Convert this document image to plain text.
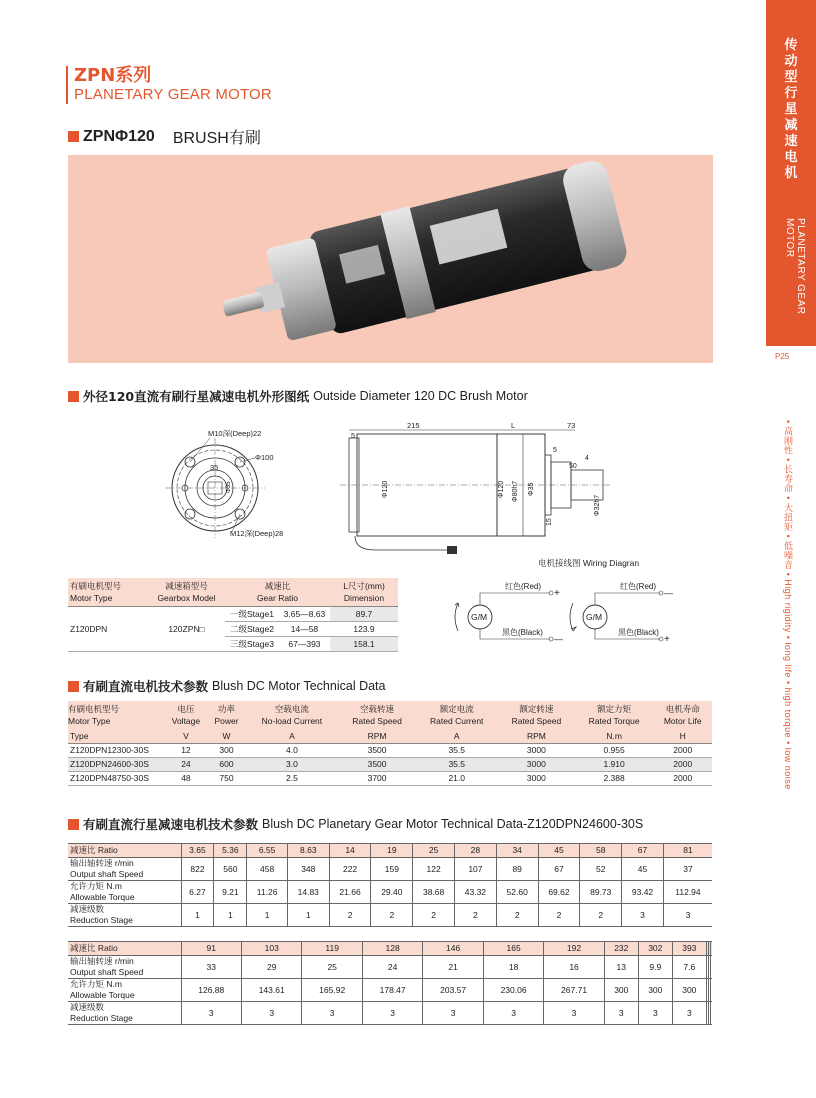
传
动
型
行
星
减
速
电
机
PLANETARY GEAR MOTOR
P25
• 高刚性 • 长寿命 • 大扭矩 • 低噪音 • High rigidity • long life • high torque • low noise
ZPN系列
PLANETARY GEAR MOTOR
ZPNΦ120 BRUSH有刷
外径120直流有刷行星减速电机外形图纸 Outside Diameter 120 DC Brush Motor
M10深(Deep)22
Φ100
35
Φ35
M12深(Deep)28
5
215	L	73
5
4
50
Φ120	Φ120 Φ80h7 Φ35
Φ32h7
15
电机接线图 Wiring Diagran
G/M
红色(Red)
+
黑色(Black)
—
G/M
红色(Red)
—
黑色(Black)
+
有刷电机型号
Motor Type	减速箱型号
Gearbox Model	减速比
Gear Ratio		L尺寸(mm)
Dimension
Z120DPN	120ZPN□	一级Stage1	3.65—8.63	89.7
		二级Stage2	14—58	123.9
		三级Stage3	67—393	158.1
有刷直流电机技术参数 Blush DC Motor Technical Data
有刷电机型号
Motor Type	电压
Voltage	功率
Power	空载电流
No-load Current	空载转速
Rated Speed	额定电流
Rated Current	额定转速
Rated Speed	额定力矩
Rated Torque	电机寿命
Motor Life
Type	V	W	A	RPM	A	RPM	N.m	H
Z120DPN12300-30S	12	300	4.0	3500	35.5	3000	0.955	2000
Z120DPN24600-30S	24	600	3.0	3500	35.5	3000	1.910	2000
Z120DPN48750-30S	48	750	2.5	3700	21.0	3000	2.388	2000
有刷直流行星减速电机技术参数 Blush DC Planetary Gear Motor Technical Data-Z120DPN24600-30S
减速比 Ratio	3.65	5.36	6.55	8.63	14	19	25	28	34	45	58	67	81

输出轴转速 r/min
Output shaft Speed	822	560	458	348	222	159	122	107	89	67	52	45	37

允许力矩 N.m
Allowable Torque	6.27	9.21	11.26	14.83	21.66	29.40	38.68	43.32	52.60	69.62	89.73	93.42	112.94

减速级数
Reduction Stage	1	1	1	1	2	2	2	2	2	2	2	3	3
减速比 Ratio	91	103	119	128	146	165	192	232	302	393			

输出轴转速 r/min
Output shaft Speed	33	29	25	24	21	18	16	13	9.9	7.6			

允许力矩 N.m
Allowable Torque	126.88	143.61	165.92	178.47	203.57	230.06	267.71	300	300	300			

减速级数
Reduction Stage	3	3	3	3	3	3	3	3	3	3			
